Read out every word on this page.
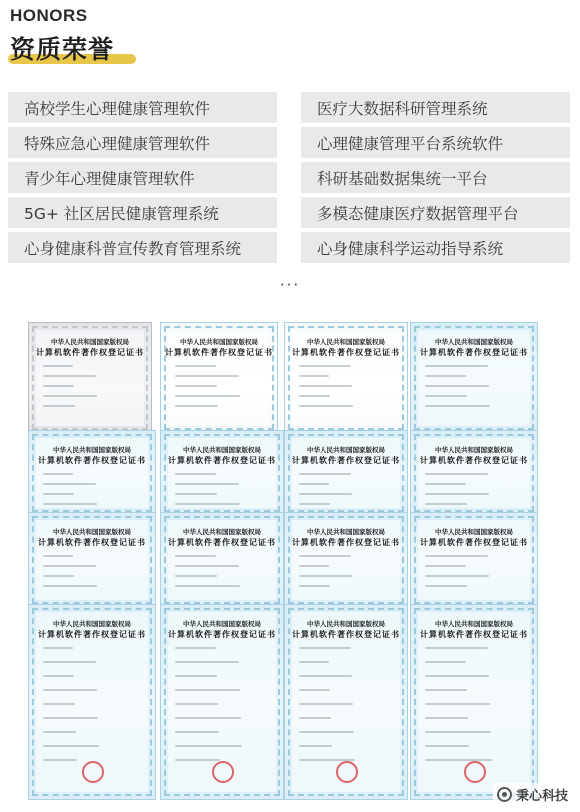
HONORS
资质荣誉
高校学生心理健康管理软件	医疗大数据科研管理系统
特殊应急心理健康管理软件	心理健康管理平台系统软件
青少年心理健康管理软件	科研基础数据集统一平台
5G+ 社区居民健康管理系统	多模态健康医疗数据管理平台
心身健康科普宣传教育管理系统	心身健康科学运动指导系统
···
中华人民共和国国家版权局
计算机软件著作权登记证书
中华人民共和国国家版权局
计算机软件著作权登记证书
中华人民共和国国家版权局
计算机软件著作权登记证书
中华人民共和国国家版权局
计算机软件著作权登记证书
中华人民共和国国家版权局
计算机软件著作权登记证书
中华人民共和国国家版权局
计算机软件著作权登记证书
中华人民共和国国家版权局
计算机软件著作权登记证书
中华人民共和国国家版权局
计算机软件著作权登记证书
中华人民共和国国家版权局
计算机软件著作权登记证书
中华人民共和国国家版权局
计算机软件著作权登记证书
中华人民共和国国家版权局
计算机软件著作权登记证书
中华人民共和国国家版权局
计算机软件著作权登记证书
中华人民共和国国家版权局
计算机软件著作权登记证书
中华人民共和国国家版权局
计算机软件著作权登记证书
中华人民共和国国家版权局
计算机软件著作权登记证书
中华人民共和国国家版权局
计算机软件著作权登记证书
秉心科技
